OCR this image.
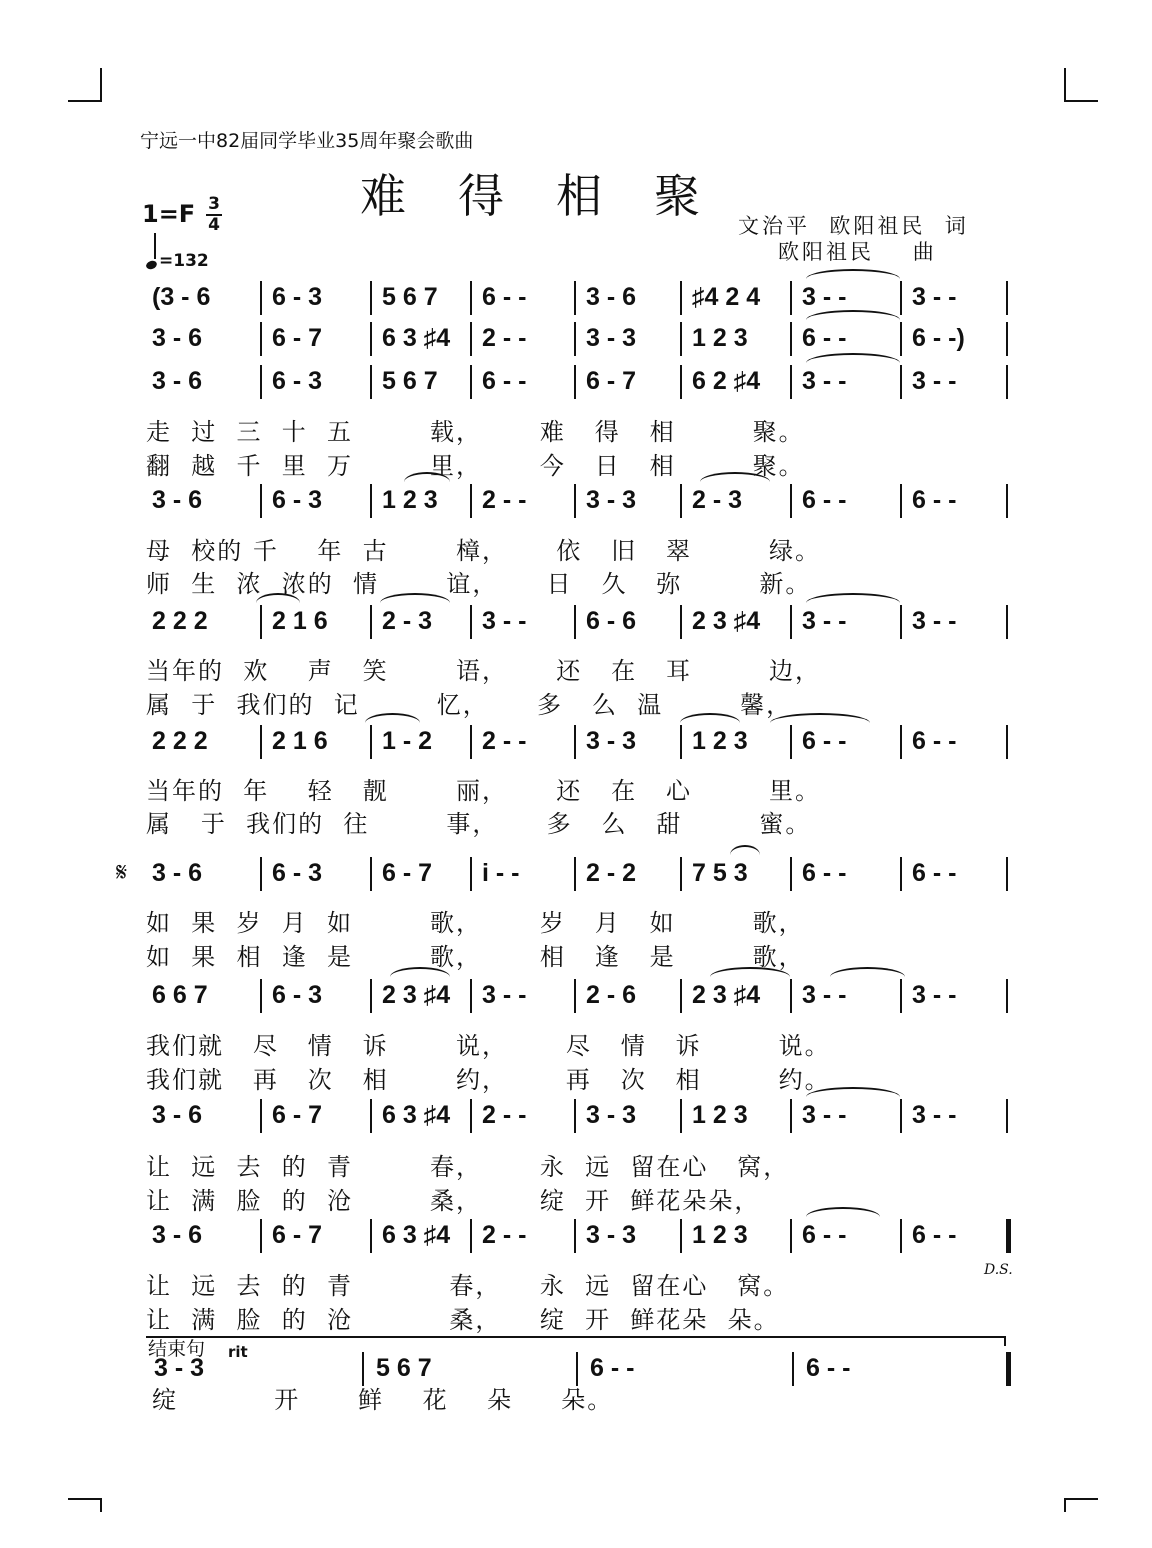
宁远一中82届同学毕业35周年聚会歌曲
难得相聚
文治平  欧阳祖民  词
欧阳祖民    曲
1=F 3
4
=132
(3 - 6 6 - 3 5 6 7 6 - - 3 - 6 ♯4 2 4 3 - -	3 - -
3 - 6	6 - 7 6 3 ♯4 2 - - 3 - 3 1 2 3 6 - -	6 - -)
3 - 6	6 - 3 5 6 7 6 - - 6 - 7 6 2 ♯4 3 - -	3 - -
3 - 6	6 - 3 1 2 3 2 - - 3 - 3 2 - 3 6 - -	6 - -
2 2 2	2 1 6 2 - 3 3 - - 6 - 6 2 3 ♯4 3 - -	3 - -
2 2 2	2 1 6 1 - 2 2 - - 3 - 3 1 2 3 6 - -	6 - -
3 - 6	6 - 3 6 - 7 i - -	2 - 2 7 5 3 6 - -	6 - -
6 6 7	6 - 3 2 3 ♯4 3 - - 2 - 6 2 3 ♯4 3 - -	3 - -
3 - 6	6 - 7 6 3 ♯4 2 - - 3 - 3 1 2 3 3 - -	3 - -
3 - 6	6 - 7 6 3 ♯4 2 - - 3 - 3 1 2 3 6 - -	6 - -
走  过  三  十  五        载，      难   得   相        聚。
翻  越  千  里  万        里，      今   日   相        聚。
母  校的 千    年  古       樟，     依   旧   翠        绿。
师  生  浓  浓的  情       谊，     日   久   弥        新。
当年的  欢    声   笑       语，     还   在   耳        边，
属  于  我们的  记        忆，     多   么  温        馨，
当年的  年    轻   靓       丽，     还   在   心        里。
属   于  我们的  往        事，     多   么   甜        蜜。
如  果  岁  月  如        歌，      岁   月   如        歌，
如  果  相  逢  是        歌，      相   逢   是        歌，
我们就   尽   情   诉       说，      尽   情   诉        说。
我们就   再   次   相       约，      再   次   相        约。
让  远  去  的  青        春，      永  远  留在心   窝，
让  满  脸  的  沧        桑，      绽  开  鲜花朵朵，
让  远  去  的  青          春，    永  远  留在心   窝。
让  满  脸  的  沧          桑，    绽  开  鲜花朵  朵。
3 - 3	5 6 7	6 - -	6 - -
绽          开      鲜    花    朵     朵。
𝄋
D.S.
结束句 rit
